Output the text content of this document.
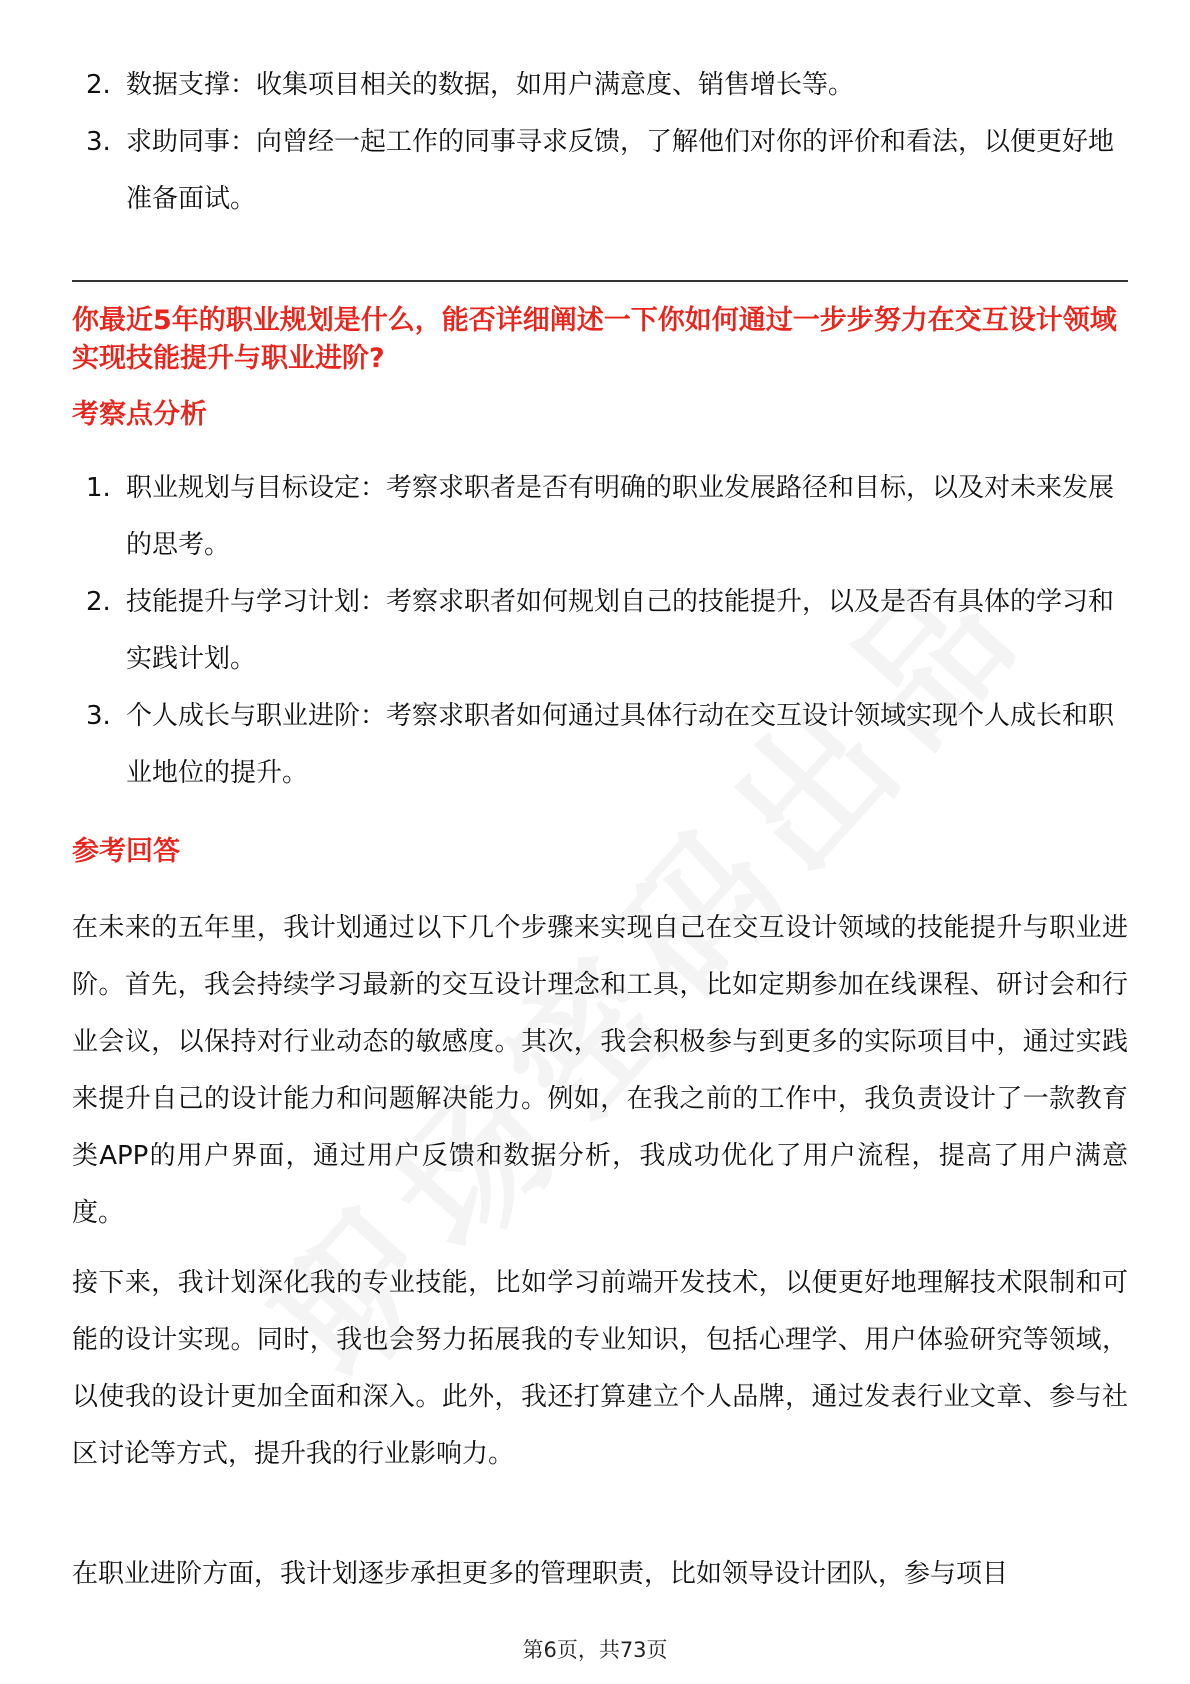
2. 数据支撑：收集项目相关的数据，如用户满意度、销售增长等。
3. 求助同事：向曾经一起工作的同事寻求反馈，了解他们对你的评价和看法，以便更好地准备面试。
你最近5年的职业规划是什么，能否详细阐述一下你如何通过一步步努力在交互设计领域实现技能提升与职业进阶?
考察点分析
1. 职业规划与目标设定：考察求职者是否有明确的职业发展路径和目标，以及对未来发展的思考。
2. 技能提升与学习计划：考察求职者如何规划自己的技能提升，以及是否有具体的学习和实践计划。
3. 个人成长与职业进阶：考察求职者如何通过具体行动在交互设计领域实现个人成长和职业地位的提升。
参考回答

在未来的五年里，我计划通过以下几个步骤来实现自己在交互设计领域的技能提升与职业进阶。首先，我会持续学习最新的交互设计理念和工具，比如定期参加在线课程、研讨会和行业会议，以保持对行业动态的敏感度。其次，我会积极参与到更多的实际项目中，通过实践来提升自己的设计能力和问题解决能力。例如，在我之前的工作中，我负责设计了一款教育类APP的用户界面，通过用户反馈和数据分析，我成功优化了用户流程，提高了用户满意度。

接下来，我计划深化我的专业技能，比如学习前端开发技术，以便更好地理解技术限制和可能的设计实现。同时，我也会努力拓展我的专业知识，包括心理学、用户体验研究等领域，以使我的设计更加全面和深入。此外，我还打算建立个人品牌，通过发表行业文章、参与社区讨论等方式，提升我的行业影响力。

在职业进阶方面，我计划逐步承担更多的管理职责，比如领导设计团队，参与项目

第6页，共73页
